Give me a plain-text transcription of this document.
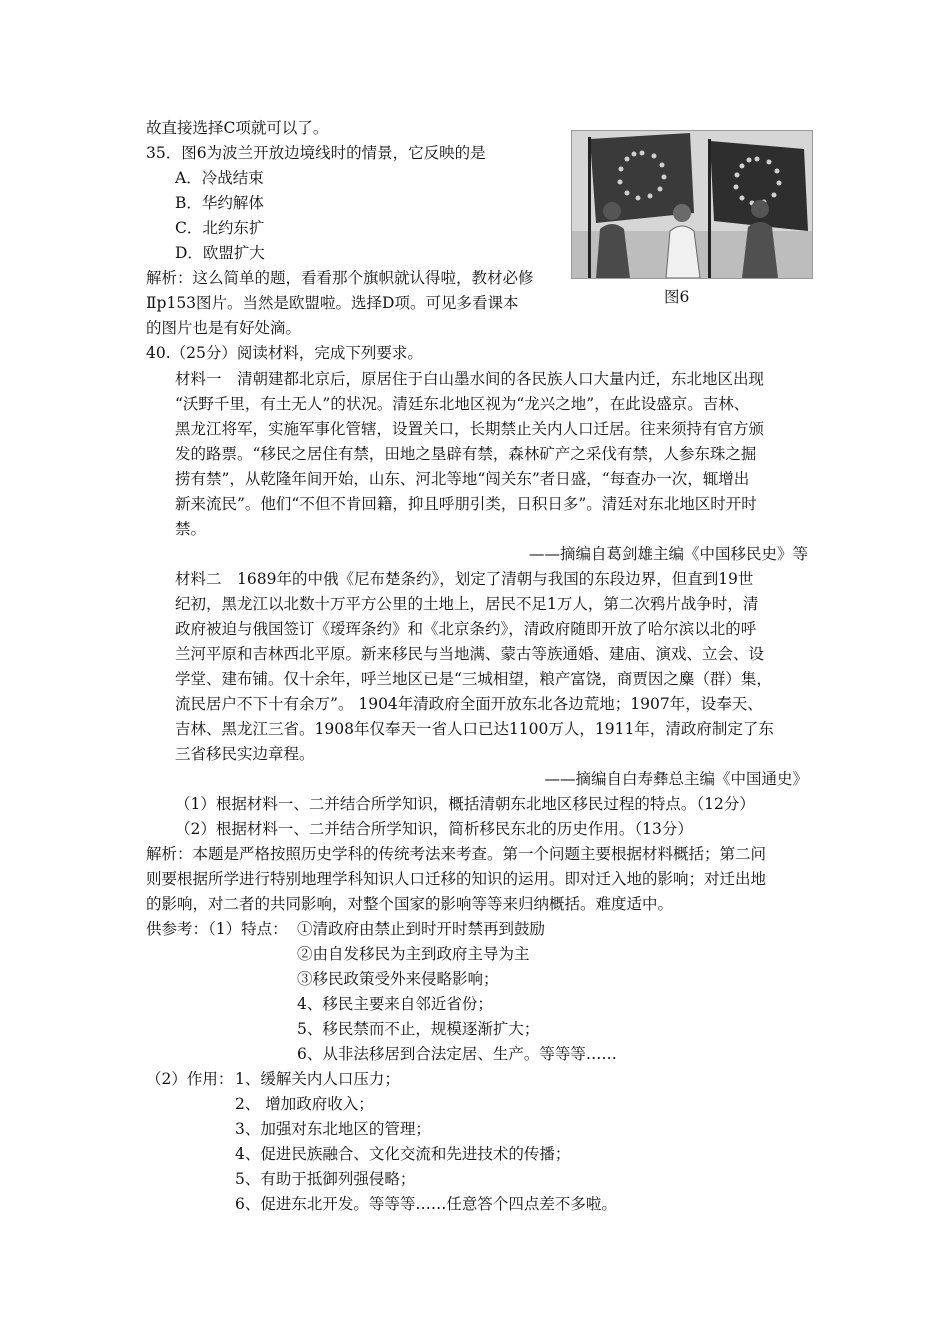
故直接选择C项就可以了。
35．图6为波兰开放边境线时的情景，它反映的是
A．冷战结束
B．华约解体
C．北约东扩
D．欧盟扩大
解析：这么简单的题，看看那个旗帜就认得啦，教材必修
Ⅱp153图片。当然是欧盟啦。选择D项。可见多看课本
的图片也是有好处滴。
图6
40.（25分）阅读材料，完成下列要求。
材料一　清朝建都北京后，原居住于白山墨水间的各民族人口大量内迁，东北地区出现
“沃野千里，有土无人”的状况。清廷东北地区视为“龙兴之地”，在此设盛京。吉林、
黑龙江将军，实施军事化管辖，设置关口，长期禁止关内人口迁居。往来须持有官方颁
发的路票。“移民之居住有禁，田地之垦辟有禁，森林矿产之采伐有禁，人参东珠之掘
捞有禁”，从乾隆年间开始，山东、河北等地“闯关东”者日盛，“每查办一次，辄增出
新来流民”。他们“不但不肯回籍，抑且呼朋引类，日积日多”。清廷对东北地区时开时
禁。
——摘编自葛剑雄主编《中国移民史》等
材料二　1689年的中俄《尼布楚条约》，划定了清朝与我国的东段边界，但直到19世
纪初，黑龙江以北数十万平方公里的土地上，居民不足1万人，第二次鸦片战争时，清
政府被迫与俄国签订《瑷珲条约》和《北京条约》，清政府随即开放了哈尔滨以北的呼
兰河平原和吉林西北平原。新来移民与当地满、蒙古等族通婚、建庙、演戏、立会、设
学堂、建布铺。仅十余年，呼兰地区已是“三城相望，粮产富饶，商贾因之麋（群）集，
流民居户不下十有余万”。 1904年清政府全面开放东北各边荒地；1907年，设奉天、
吉林、黑龙江三省。1908年仅奉天一省人口已达1100万人，1911年，清政府制定了东
三省移民实边章程。
——摘编自白寿彝总主编《中国通史》
（1）根据材料一、二并结合所学知识，概括清朝东北地区移民过程的特点。（12分）
（2）根据材料一、二并结合所学知识，简析移民东北的历史作用。（13分）
解析：本题是严格按照历史学科的传统考法来考查。第一个问题主要根据材料概括；第二问
则要根据所学进行特别地理学科知识人口迁移的知识的运用。即对迁入地的影响；对迁出地
的影响，对二者的共同影响，对整个国家的影响等等来归纳概括。难度适中。
供参考：（1）特点： ①清政府由禁止到时开时禁再到鼓励
②由自发移民为主到政府主导为主
③移民政策受外来侵略影响；
4、移民主要来自邻近省份；
5、移民禁而不止，规模逐渐扩大；
6、从非法移居到合法定居、生产。等等等……
（2）作用： 1、缓解关内人口压力；
2、 增加政府收入；
3、加强对东北地区的管理；
4、促进民族融合、文化交流和先进技术的传播；
5、有助于抵御列强侵略；
6、促进东北开发。等等等……任意答个四点差不多啦。
